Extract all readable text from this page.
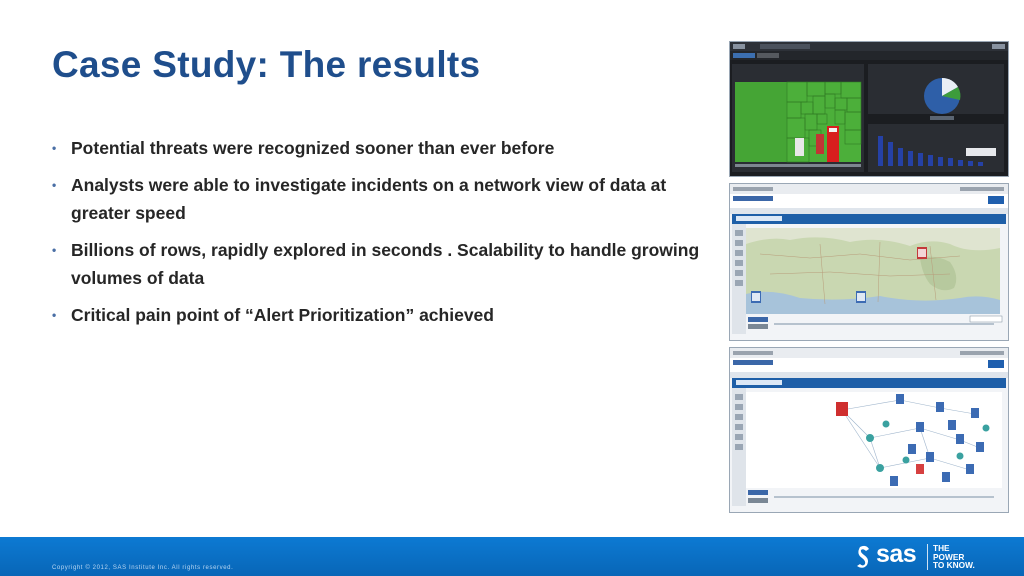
Case Study: The results
• Potential threats were recognized sooner than ever before
• Analysts were able to investigate incidents on a network view of data at greater speed
• Billions of rows, rapidly explored in seconds . Scalability to handle growing volumes of data
• Critical pain point of “Alert Prioritization” achieved
Copyright © 2012, SAS Institute Inc. All rights reserved.	sas THE
POWER
TO KNOW.
